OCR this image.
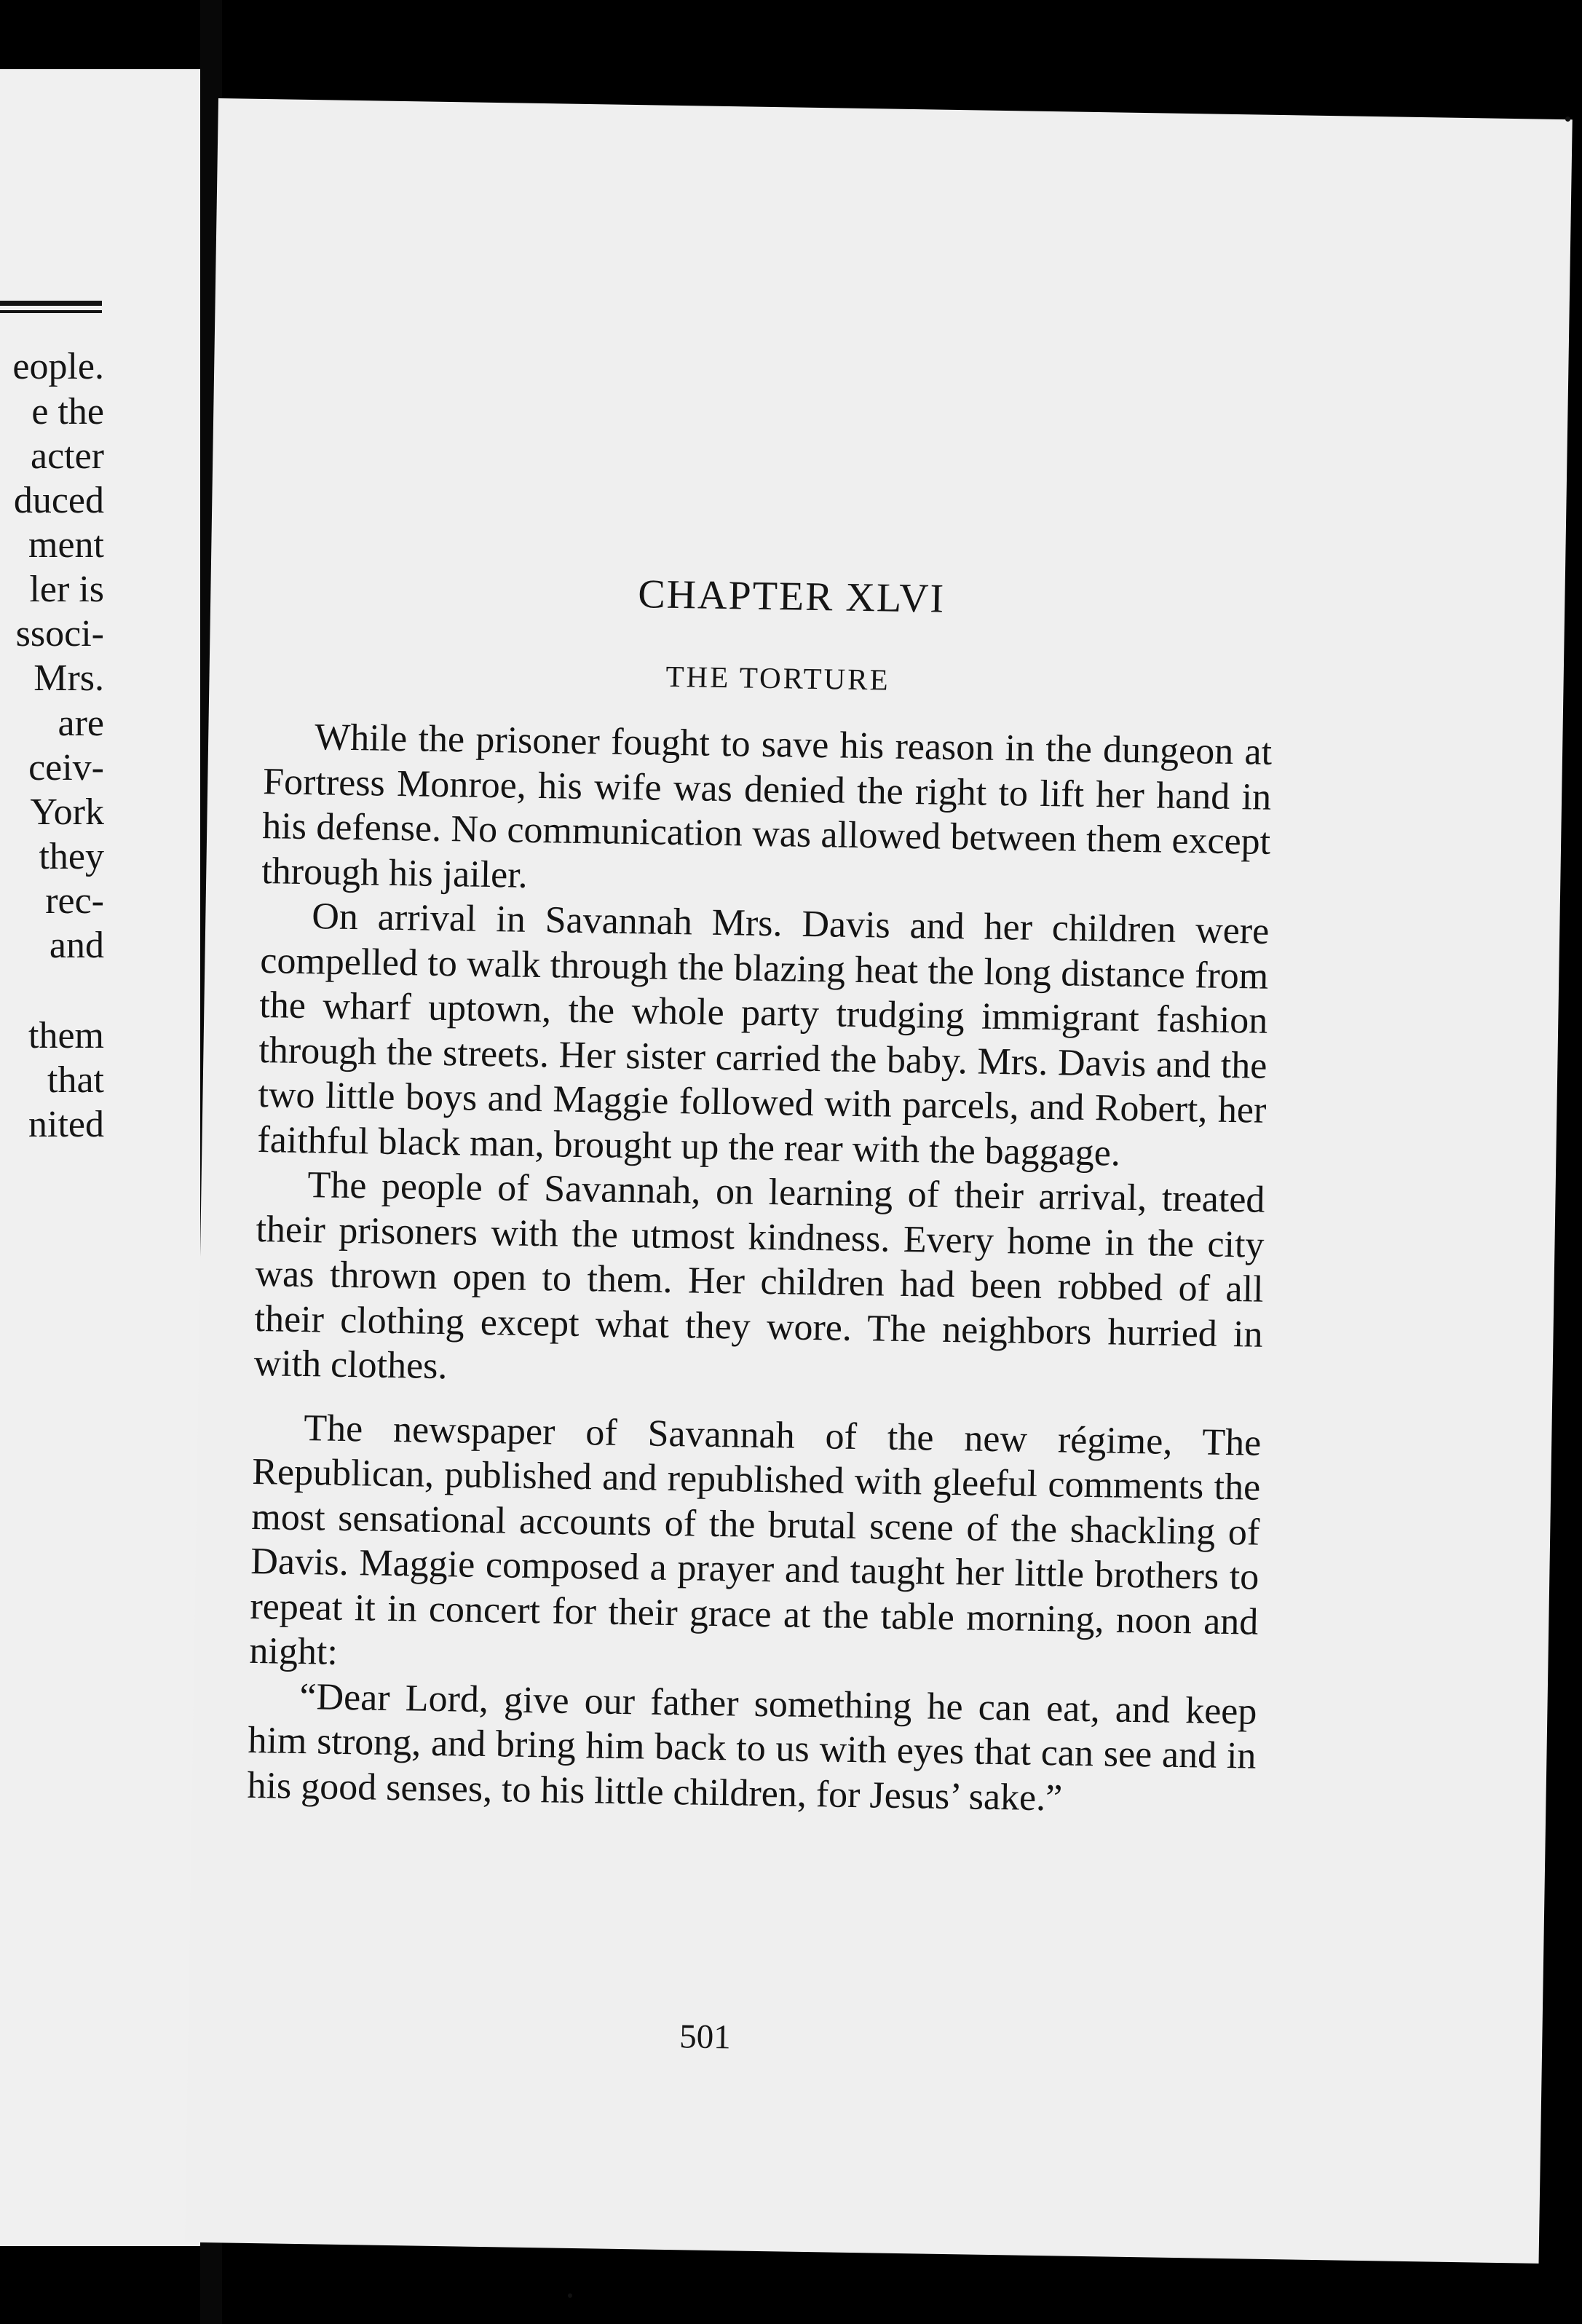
eople.
e the
acter
duced
ment
ler is
ssoci-
Mrs.
are
ceiv-
York
they
rec-
and
them
that
nited
CHAPTER XLVI
THE TORTURE

While the prisoner fought to save his reason in the dungeon at Fortress Monroe, his wife was denied the right to lift her hand in his defense. No communication was allowed between them except through his jailer.

On arrival in Savannah Mrs. Davis and her children were compelled to walk through the blazing heat the long distance from the wharf uptown, the whole party trudging immigrant fashion through the streets. Her sister carried the baby. Mrs. Davis and the two little boys and Maggie followed with parcels, and Robert, her faithful black man, brought up the rear with the baggage.

The people of Savannah, on learning of their arrival, treated their prisoners with the utmost kindness. Every home in the city was thrown open to them. Her children had been robbed of all their clothing except what they wore. The neighbors hurried in with clothes.

The newspaper of Savannah of the new régime, The Republican, published and republished with gleeful comments the most sensational accounts of the brutal scene of the shackling of Davis. Maggie composed a prayer and taught her little brothers to repeat it in concert for their grace at the table morning, noon and night:

“Dear Lord, give our father something he can eat, and keep him strong, and bring him back to us with eyes that can see and in his good senses, to his little children, for Jesus’ sake.”

501
